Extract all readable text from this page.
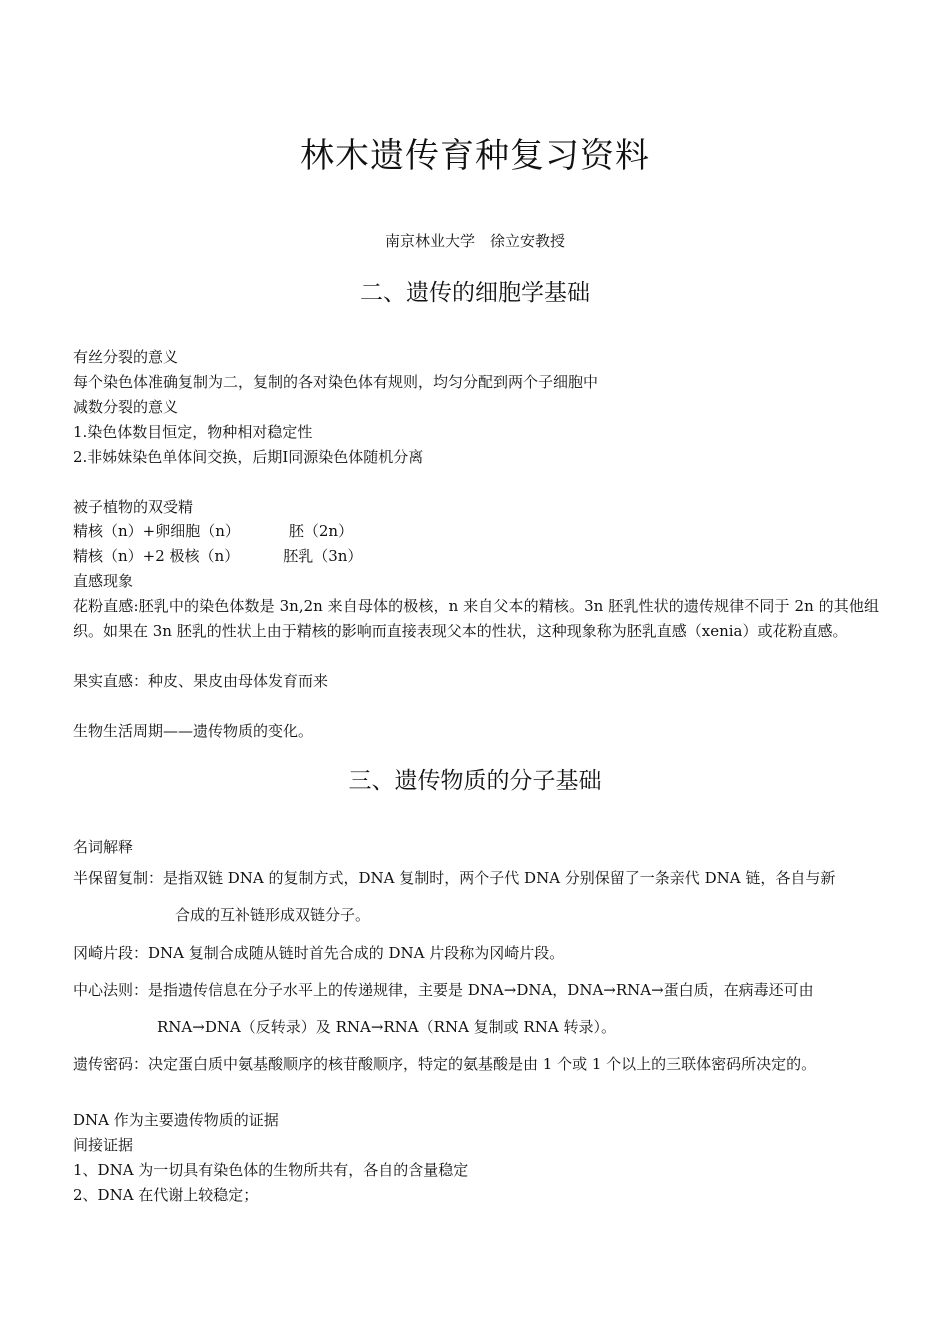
林木遗传育种复习资料
南京林业大学　徐立安教授
二、遗传的细胞学基础
有丝分裂的意义
每个染色体准确复制为二，复制的各对染色体有规则，均匀分配到两个子细胞中
减数分裂的意义
1.染色体数目恒定，物种相对稳定性
2.非姊妹染色单体间交换，后期Ⅰ同源染色体随机分离
被子植物的双受精
精核（n）+卵细胞（n）	胚（2n）
精核（n）+2 极核（n）	胚乳（3n）
直感现象
花粉直感:胚乳中的染色体数是 3n,2n 来自母体的极核，n 来自父本的精核。3n 胚乳性状的遗传规律不同于 2n 的其他组织。如果在 3n 胚乳的性状上由于精核的影响而直接表现父本的性状，这种现象称为胚乳直感（xenia）或花粉直感。
果实直感：种皮、果皮由母体发育而来
生物生活周期——遗传物质的变化。
三、遗传物质的分子基础
名词解释
半保留复制：是指双链 DNA 的复制方式，DNA 复制时，两个子代 DNA 分别保留了一条亲代 DNA 链，各自与新
合成的互补链形成双链分子。
冈崎片段：DNA 复制合成随从链时首先合成的 DNA 片段称为冈崎片段。
中心法则：是指遗传信息在分子水平上的传递规律，主要是 DNA→DNA，DNA→RNA→蛋白质，在病毒还可由
RNA→DNA（反转录）及 RNA→RNA（RNA 复制或 RNA 转录）。
遗传密码：决定蛋白质中氨基酸顺序的核苷酸顺序，特定的氨基酸是由 1 个或 1 个以上的三联体密码所决定的。
DNA 作为主要遗传物质的证据
间接证据
1、DNA 为一切具有染色体的生物所共有，各自的含量稳定
2、DNA 在代谢上较稳定；
